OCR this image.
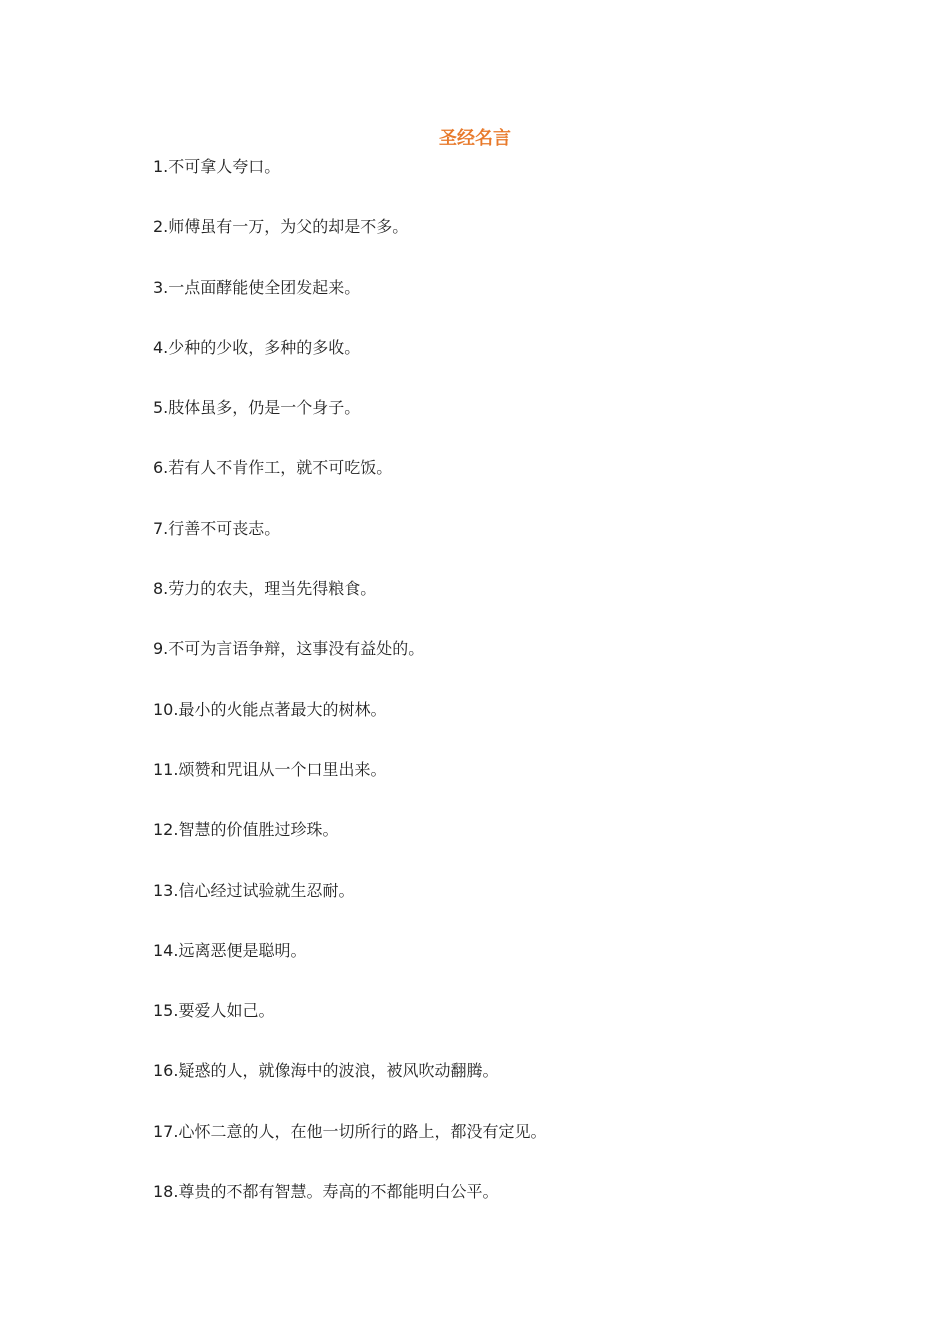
圣经名言
1.不可拿人夸口。
2.师傅虽有一万，为父的却是不多。
3.一点面酵能使全团发起来。
4.少种的少收，多种的多收。
5.肢体虽多，仍是一个身子。
6.若有人不肯作工，就不可吃饭。
7.行善不可丧志。
8.劳力的农夫，理当先得粮食。
9.不可为言语争辩，这事没有益处的。
10.最小的火能点著最大的树林。
11.颂赞和咒诅从一个口里出来。
12.智慧的价值胜过珍珠。
13.信心经过试验就生忍耐。
14.远离恶便是聪明。
15.要爱人如己。
16.疑惑的人，就像海中的波浪，被风吹动翻腾。
17.心怀二意的人，在他一切所行的路上，都没有定见。
18.尊贵的不都有智慧。寿高的不都能明白公平。
